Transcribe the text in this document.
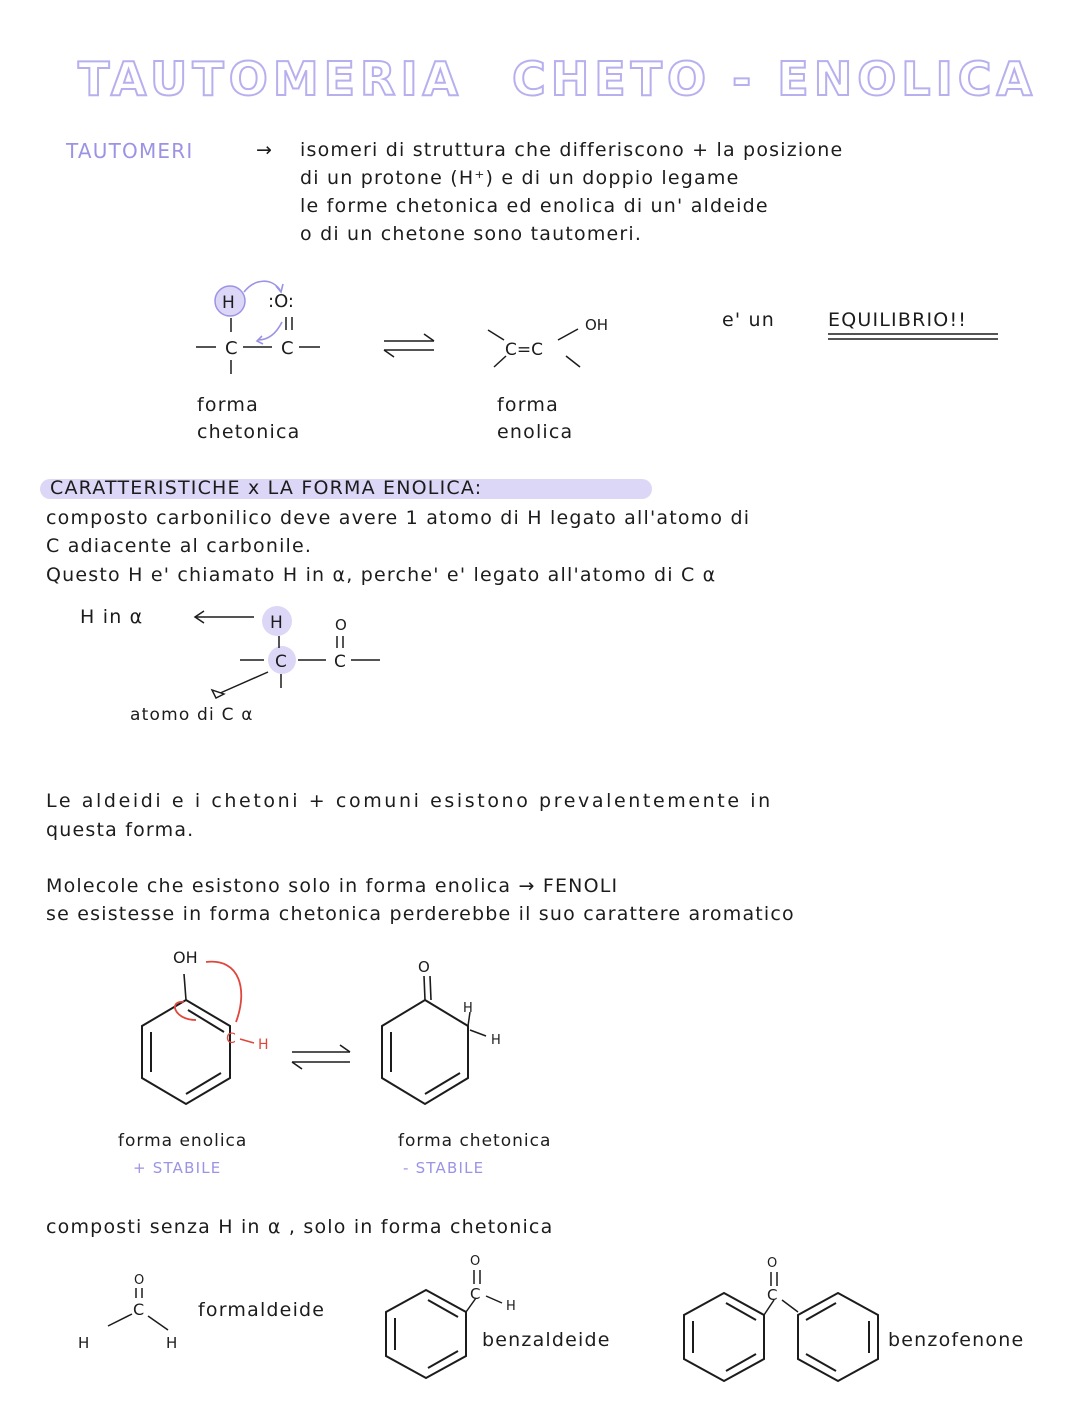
TAUTOMERIA CHETO - ENOLICA
TAUTOMERI	→ isomeri di struttura che differiscono + la posizione
di un protone (H⁺) e di un doppio legame
le forme chetonica ed enolica di un' aldeide
o di un chetone sono tautomeri.
H :O:
C C	C=C
OH	e' un	EQUILIBRIO!!
forma
chetonica
forma
enolica
CARATTERISTICHE x LA FORMA ENOLICA:
composto carbonilico deve avere 1 atomo di H legato all'atomo di
C adiacente al carbonile.
Questo H e' chiamato H in α, perche' e' legato all'atomo di C α
H
C	C
O
H in α
atomo di C α
Le aldeidi e i chetoni + comuni esistono prevalentemente in
questa forma.
Molecole che esistono solo in forma enolica → FENOLI
se esistesse in forma chetonica perderebbe il suo carattere aromatico
OH
C H
O
H
H
forma enolica
+ STABILE
forma chetonica
- STABILE
composti senza H in α , solo in forma chetonica
O
C
H	H
C
O
H
C
O
formaldeide
benzaldeide	benzofenone
